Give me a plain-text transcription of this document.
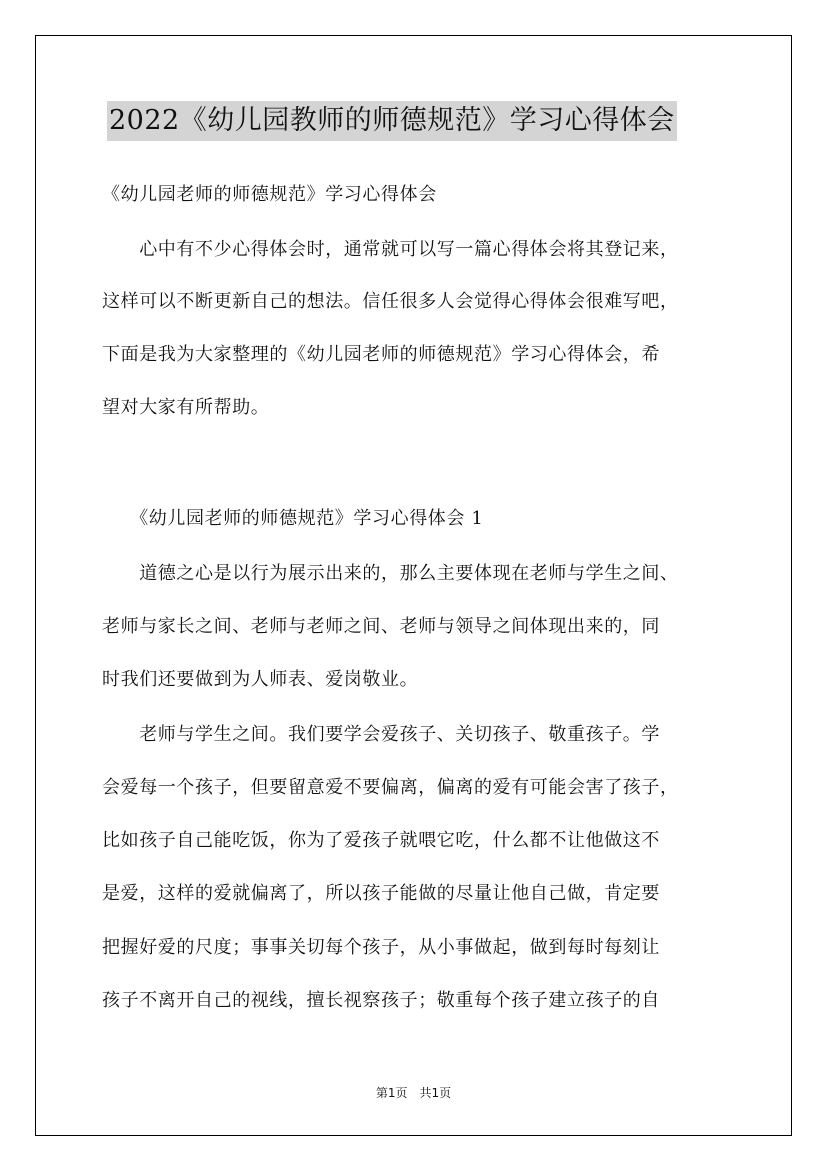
2022《幼儿园教师的师德规范》学习心得体会
《幼儿园老师的师德规范》学习心得体会
　　心中有不少心得体会时，通常就可以写一篇心得体会将其登记来，
这样可以不断更新自己的想法。信任很多人会觉得心得体会很难写吧，
下面是我为大家整理的《幼儿园老师的师德规范》学习心得体会，希
望对大家有所帮助。
　　《幼儿园老师的师德规范》学习心得体会 1
　　道德之心是以行为展示出来的，那么主要体现在老师与学生之间、
老师与家长之间、老师与老师之间、老师与领导之间体现出来的，同
时我们还要做到为人师表、爱岗敬业。
　　老师与学生之间。我们要学会爱孩子、关切孩子、敬重孩子。学
会爱每一个孩子，但要留意爱不要偏离，偏离的爱有可能会害了孩子，
比如孩子自己能吃饭，你为了爱孩子就喂它吃，什么都不让他做这不
是爱，这样的爱就偏离了，所以孩子能做的尽量让他自己做，肯定要
把握好爱的尺度；事事关切每个孩子，从小事做起，做到每时每刻让
孩子不离开自己的视线，擅长视察孩子；敬重每个孩子建立孩子的自
第1页　共1页
